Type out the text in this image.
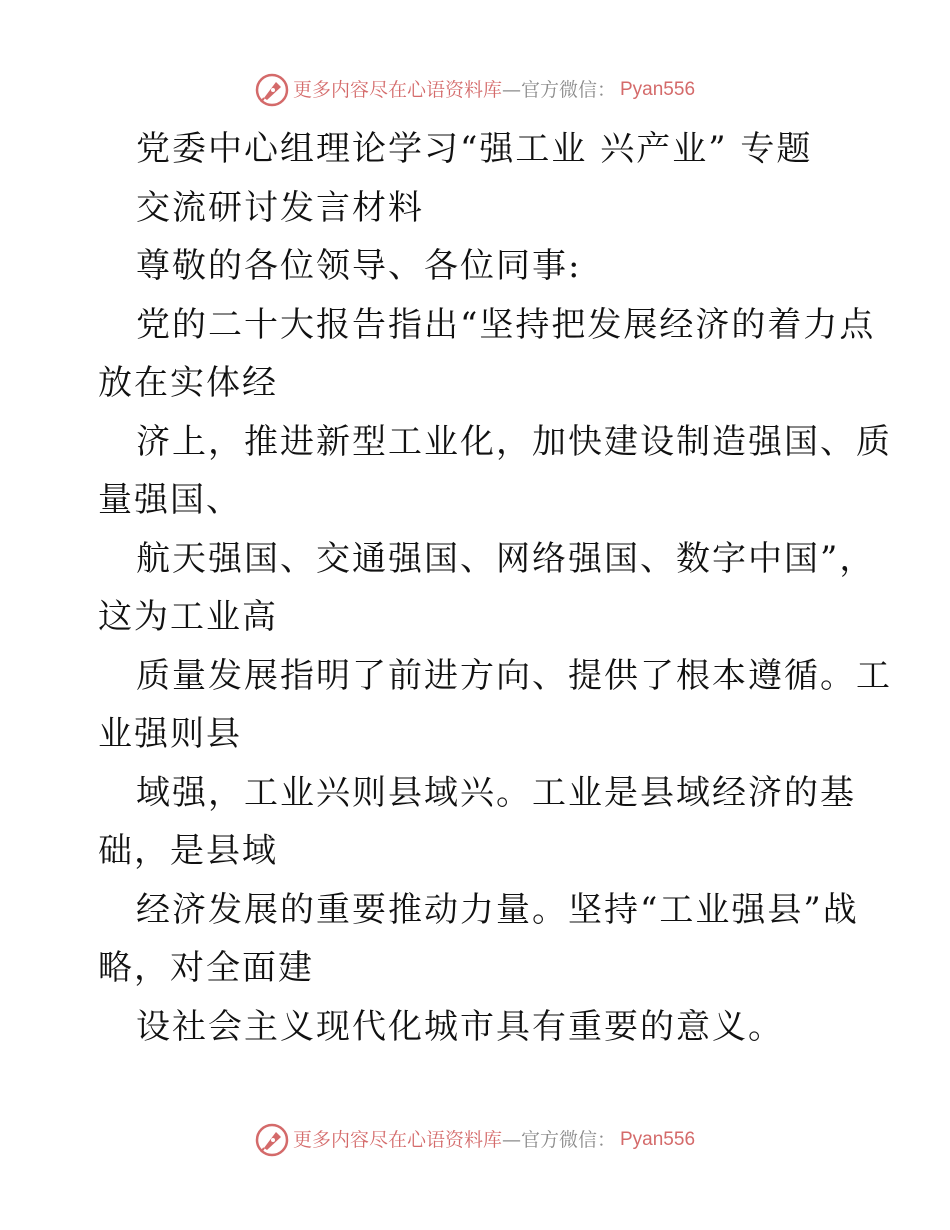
更多内容尽在心语资料库 —官方微信： Pyan556
党委中心组理论学习“强工业 兴产业” 专题
交流研讨发言材料
尊敬的各位领导、各位同事:
党的二十大报告指出“坚持把发展经济的着力点
放在实体经
济上，推进新型工业化，加快建设制造强国、质
量强国、
航天强国、交通强国、网络强国、数字中国”，
这为工业高
质量发展指明了前进方向、提供了根本遵循。工
业强则县
域强，工业兴则县域兴。工业是县域经济的基
础，是县域
经济发展的重要推动力量。坚持“工业强县”战
略，对全面建
设社会主义现代化城市具有重要的意义。
更多内容尽在心语资料库 —官方微信： Pyan556
